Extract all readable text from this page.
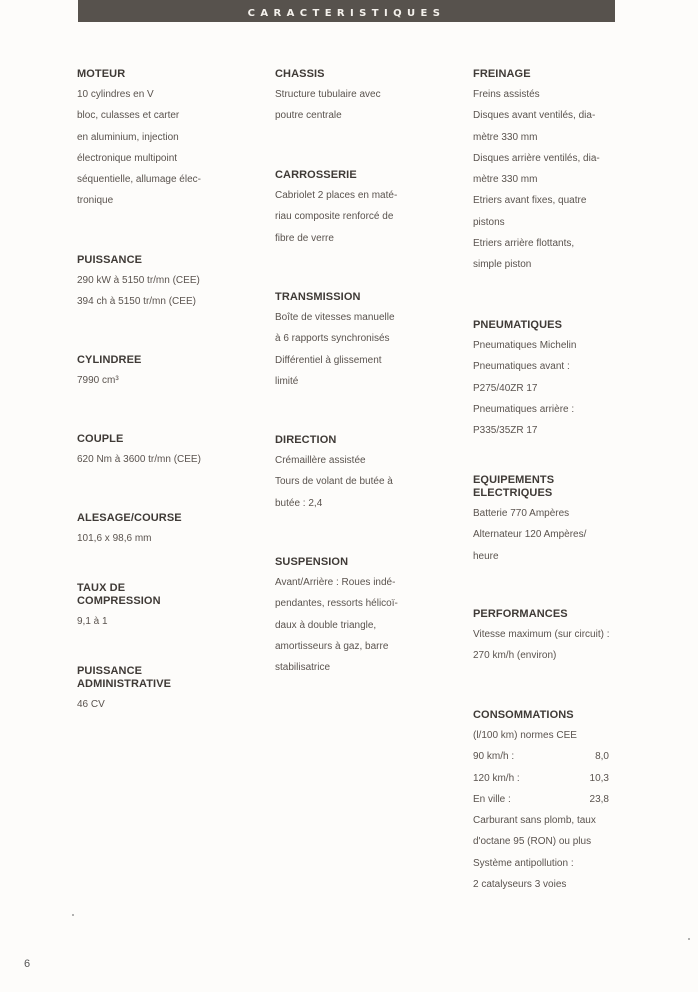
CARACTERISTIQUES
MOTEUR
10 cylindres en V
bloc, culasses et carter
en aluminium, injection
électronique multipoint
séquentielle, allumage élec-
tronique
PUISSANCE
290 kW à 5150 tr/mn (CEE)
394 ch à 5150 tr/mn (CEE)
CYLINDREE
7990 cm³
COUPLE
620 Nm à 3600 tr/mn (CEE)
ALESAGE/COURSE
101,6 x 98,6 mm
TAUX DE
COMPRESSION
9,1 à 1
PUISSANCE
ADMINISTRATIVE
46 CV
CHASSIS
Structure tubulaire avec
poutre centrale
CARROSSERIE
Cabriolet 2 places en maté-
riau composite renforcé de
fibre de verre
TRANSMISSION
Boîte de vitesses manuelle
à 6 rapports synchronisés
Différentiel à glissement
limité
DIRECTION
Crémaillère assistée
Tours de volant de butée à
butée : 2,4
SUSPENSION
Avant/Arrière : Roues indé-
pendantes, ressorts hélicoï-
daux à double triangle,
amortisseurs à gaz, barre
stabilisatrice
FREINAGE
Freins assistés
Disques avant ventilés, dia-
mètre 330 mm
Disques arrière ventilés, dia-
mètre 330 mm
Etriers avant fixes, quatre
pistons
Etriers arrière flottants,
simple piston
PNEUMATIQUES
Pneumatiques Michelin
Pneumatiques avant :
P275/40ZR 17
Pneumatiques arrière :
P335/35ZR 17
EQUIPEMENTS
ELECTRIQUES
Batterie 770 Ampères
Alternateur 120 Ampères/
heure
PERFORMANCES
Vitesse maximum (sur circuit) :
270 km/h (environ)
CONSOMMATIONS
(l/100 km) normes CEE
90 km/h :	8,0
120 km/h :	10,3
En ville :	23,8
Carburant sans plomb, taux
d'octane 95 (RON) ou plus
Système antipollution :
2 catalyseurs 3 voies
6
